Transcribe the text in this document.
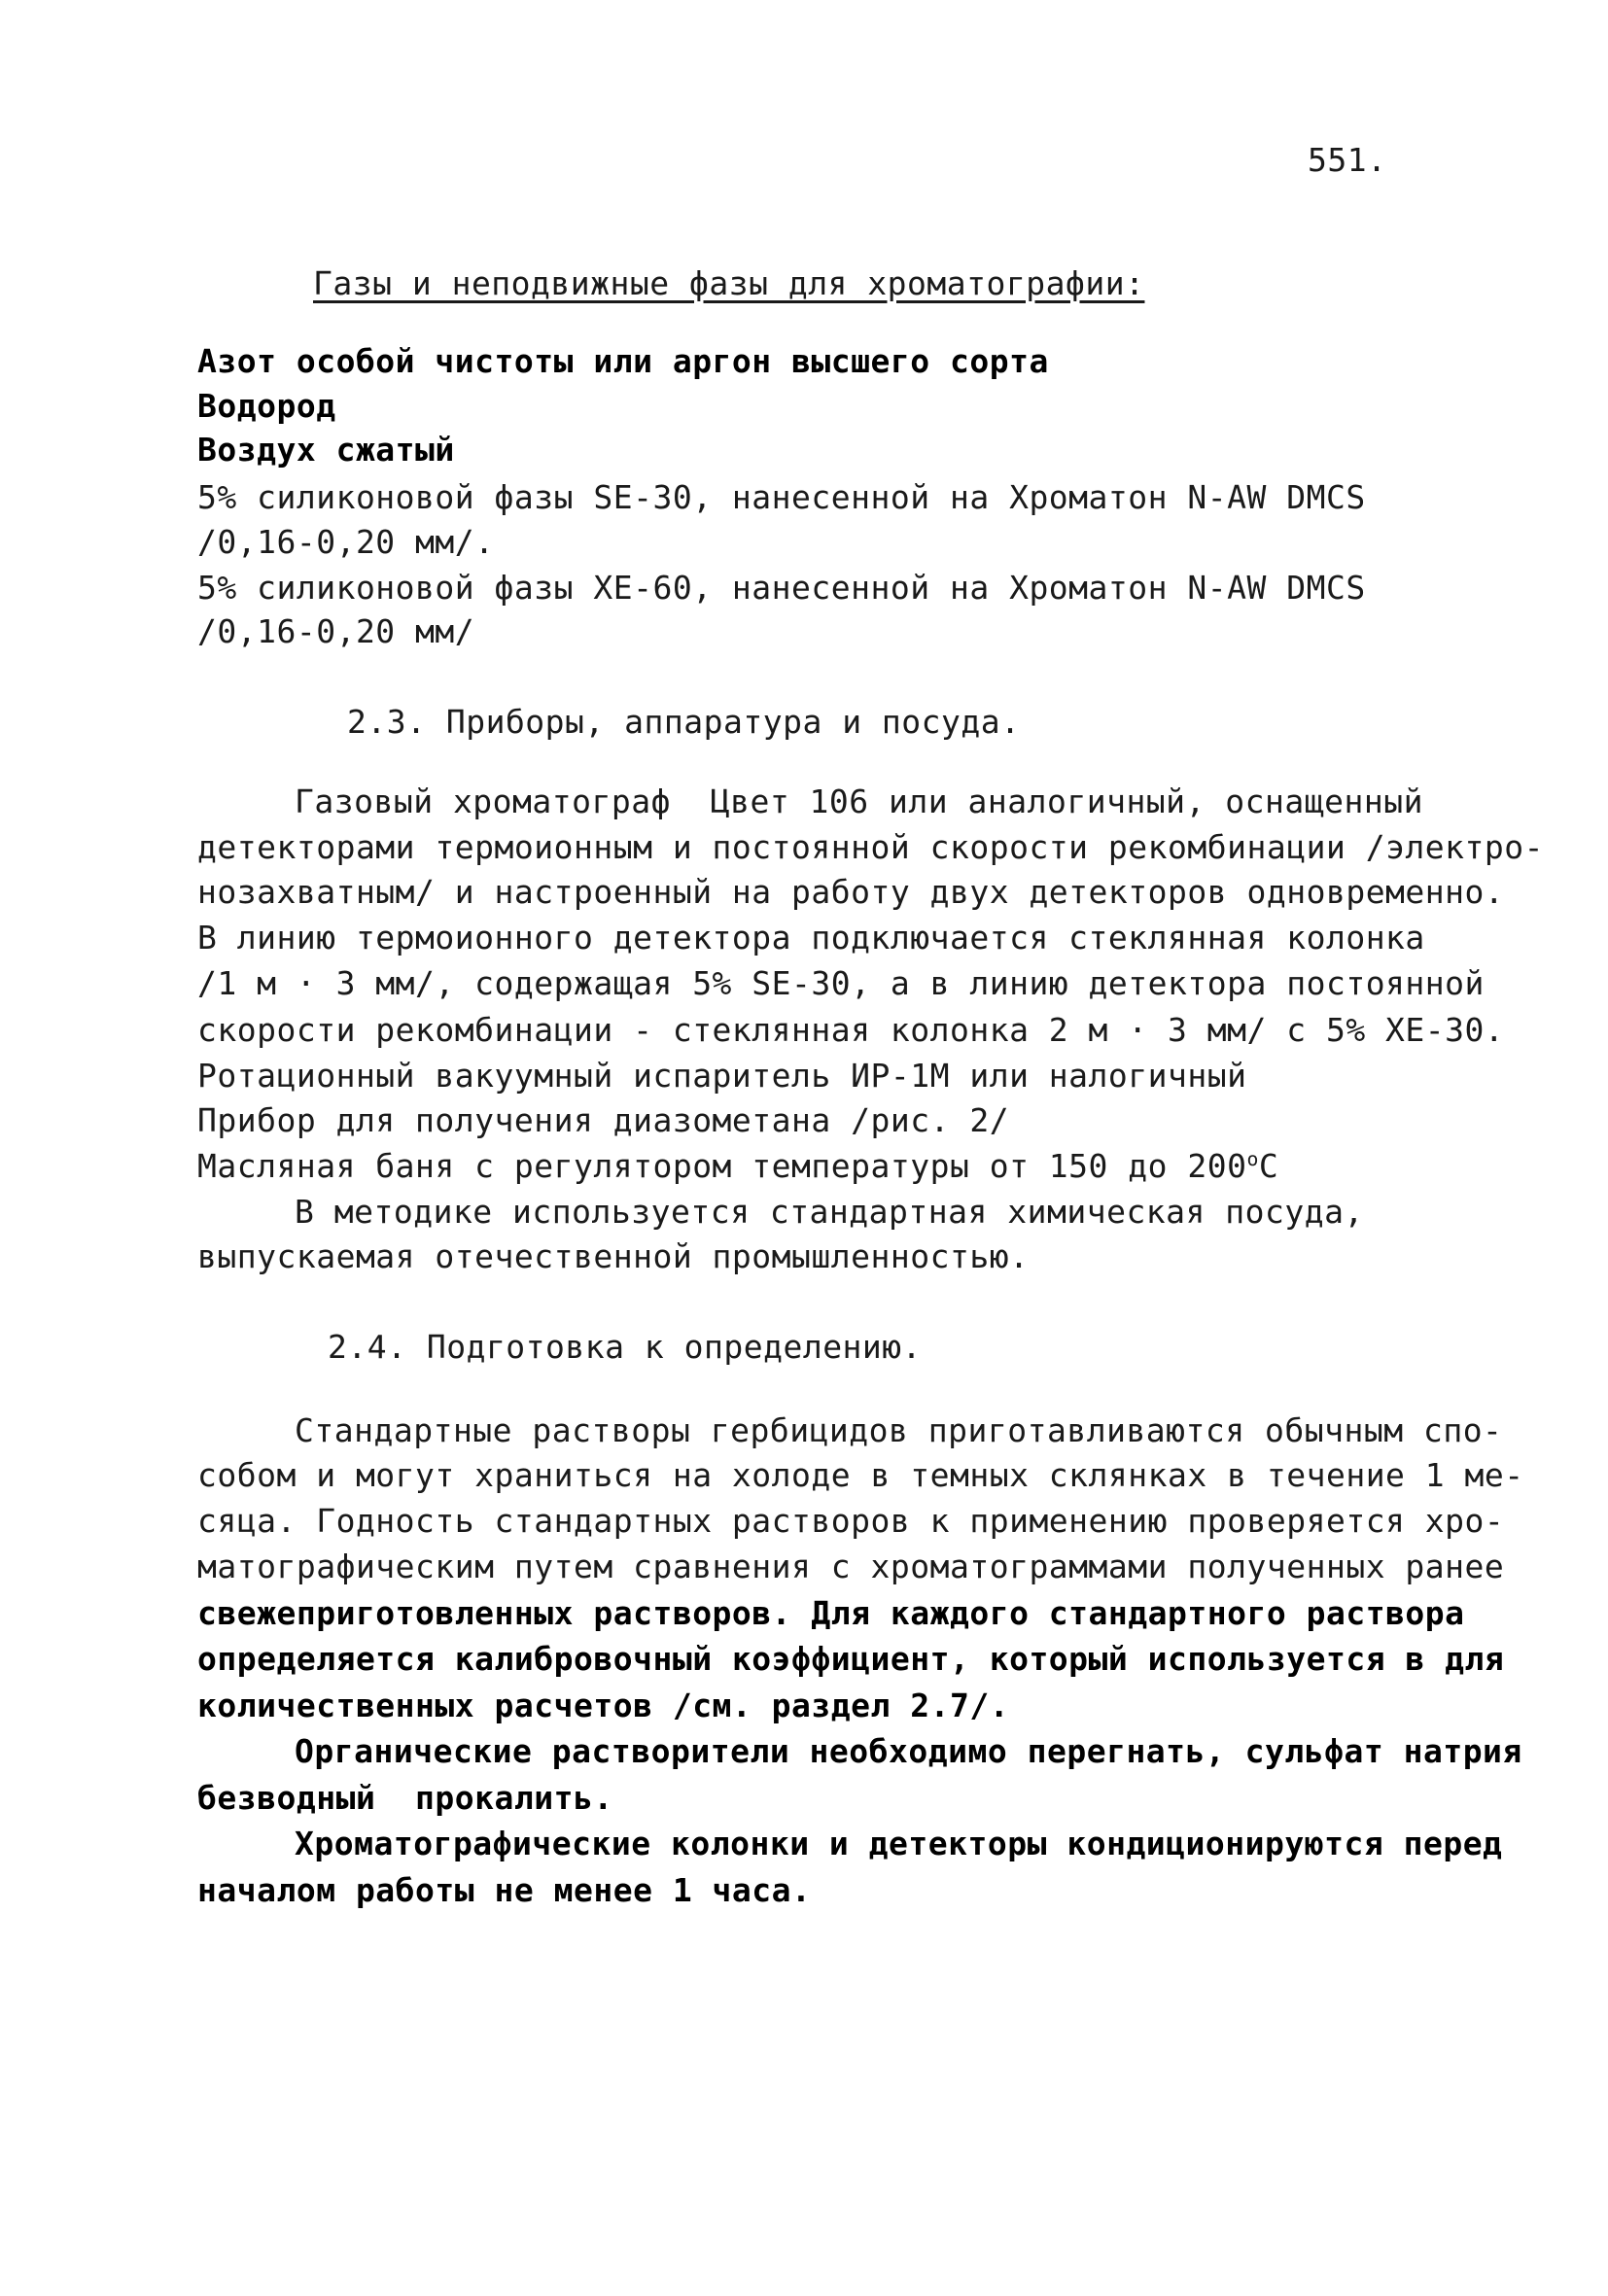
551.
Газы и неподвижные фазы для хроматографии:
Азот особой чистоты или аргон высшего сорта
Водород
Воздух сжатый
5% силиконовой фазы SE-30, нанесенной на Хроматон N-AW DMCS
/0,16-0,20 мм/.
5% силиконовой фазы XE-60, нанесенной на Хроматон N-AW DMCS
/0,16-0,20 мм/
2.3. Приборы, аппаратура и посуда.
Газовый хроматограф  Цвет 106 или аналогичный, оснащенный
детекторами термоионным и постоянной скорости рекомбинации /электро-
нозахватным/ и настроенный на работу двух детекторов одновременно.
В линию термоионного детектора подключается стеклянная колонка
/1 м · 3 мм/, содержащая 5% SE-30, а в линию детектора постоянной
скорости рекомбинации - стеклянная колонка 2 м · 3 мм/ с 5% XE-30.
Ротационный вакуумный испаритель ИР-1М или налогичный
Прибор для получения диазометана /рис. 2/
Масляная баня с регулятором температуры от 150 до 200$^o$C
В методике используется стандартная химическая посуда,
выпускаемая отечественной промышленностью.
2.4. Подготовка к определению.
Стандартные растворы гербицидов приготавливаются обычным спо-
собом и могут храниться на холоде в темных склянках в течение 1 ме-
сяца. Годность стандартных растворов к применению проверяется хро-
матографическим путем сравнения с хроматограммами полученных ранее
свежеприготовленных растворов. Для каждого стандартного раствора
определяется калибровочный коэффициент, который используется в для
количественных расчетов /см. раздел 2.7/.
Органические растворители необходимо перегнать, сульфат натрия
безводный  прокалить.
Хроматографические колонки и детекторы кондиционируются перед
началом работы не менее 1 часа.
